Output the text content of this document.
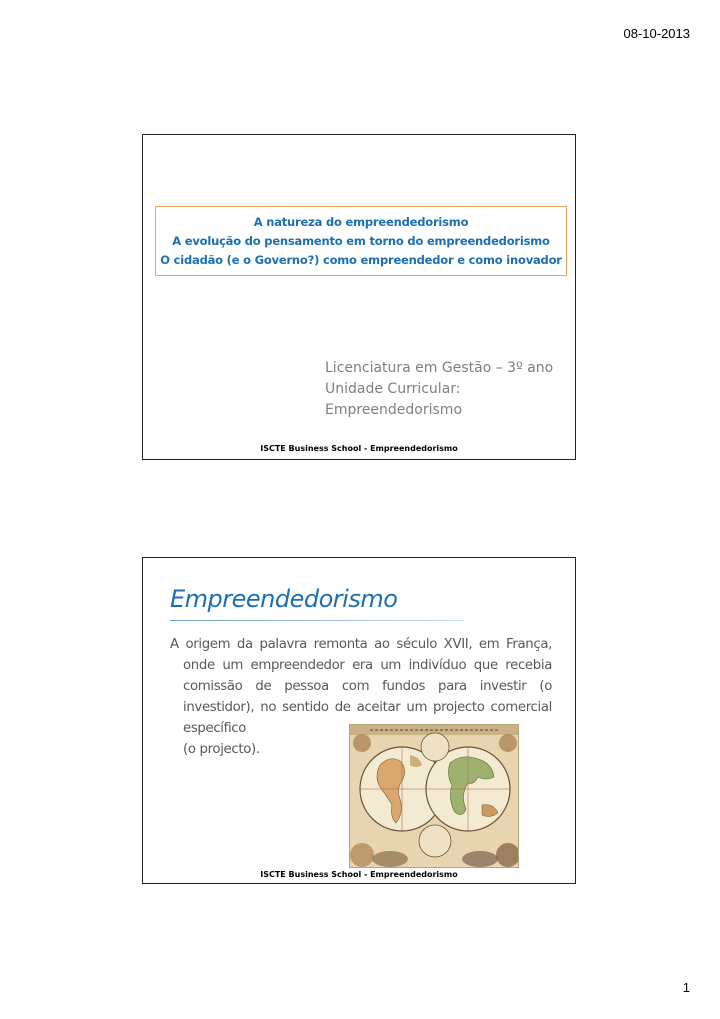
08-10-2013
A natureza do empreendedorismo
A evolução do pensamento em torno do empreendedorismo
O cidadão (e o Governo?) como empreendedor e como inovador
Licenciatura em Gestão – 3º ano
Unidade Curricular:
Empreendedorismo
ISCTE Business School - Empreendedorismo
Empreendedorismo

A origem da palavra remonta ao século XVII, em França, onde um empreendedor era um indivíduo que recebia comissão de pessoa com fundos para investir (o investidor), no sentido de aceitar um projecto comercial específico

(o projecto).
ISCTE Business School - Empreendedorismo
1
